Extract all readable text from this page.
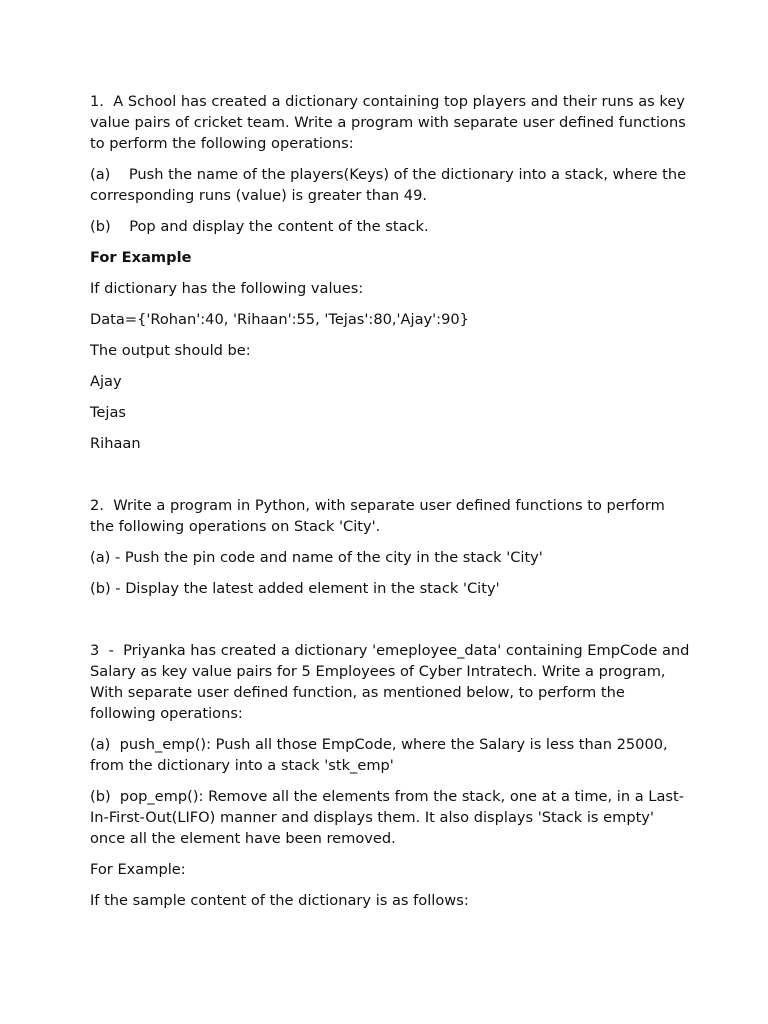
1.  A School has created a dictionary containing top players and their runs as key value pairs of cricket team. Write a program with separate user defined functions to perform the following operations:

(a)    Push the name of the players(Keys) of the dictionary into a stack, where the corresponding runs (value) is greater than 49.

(b)    Pop and display the content of the stack.

For Example

If dictionary has the following values:

Data={'Rohan':40, 'Rihaan':55, 'Tejas':80,'Ajay':90}

The output should be:

Ajay

Tejas

Rihaan

2.  Write a program in Python, with separate user defined functions to perform the following operations on Stack 'City'.

(a) - Push the pin code and name of the city in the stack 'City'

(b) - Display the latest added element in the stack 'City'

3  -  Priyanka has created a dictionary 'emeployee_data' containing EmpCode and Salary as key value pairs for 5 Employees of Cyber Intratech. Write a program, With separate user defined function, as mentioned below, to perform the following operations:

(a)  push_emp(): Push all those EmpCode, where the Salary is less than 25000, from the dictionary into a stack 'stk_emp'

(b)  pop_emp(): Remove all the elements from the stack, one at a time, in a Last-In-First-Out(LIFO) manner and displays them. It also displays 'Stack is empty' once all the element have been removed.

For Example:

If the sample content of the dictionary is as follows:
